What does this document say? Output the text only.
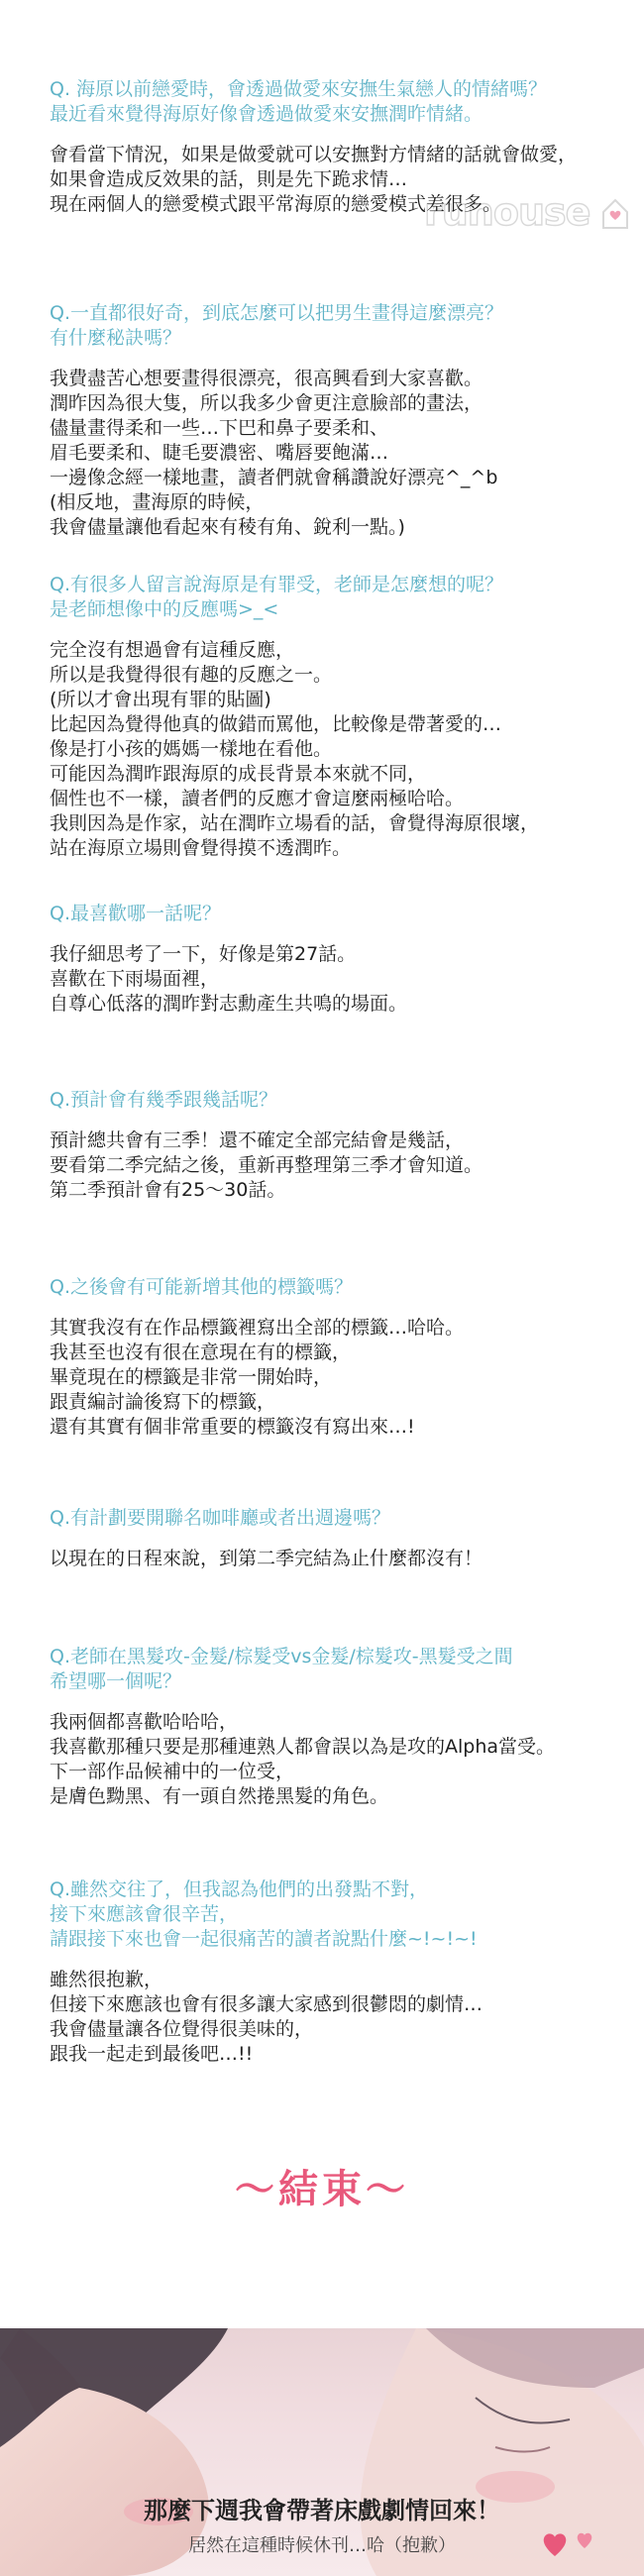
runouse
Q. 海原以前戀愛時，會透過做愛來安撫生氣戀人的情緒嗎？
最近看來覺得海原好像會透過做愛來安撫潤昨情緒。
會看當下情況，如果是做愛就可以安撫對方情緒的話就會做愛，
如果會造成反效果的話，則是先下跪求情…
現在兩個人的戀愛模式跟平常海原的戀愛模式差很多。
Q.一直都很好奇，到底怎麼可以把男生畫得這麼漂亮？
有什麼秘訣嗎？
我費盡苦心想要畫得很漂亮，很高興看到大家喜歡。
潤昨因為很大隻，所以我多少會更注意臉部的畫法，
儘量畫得柔和一些…下巴和鼻子要柔和、
眉毛要柔和、睫毛要濃密、嘴唇要飽滿…
一邊像念經一樣地畫，讀者們就會稱讚說好漂亮^_^b
(相反地，畫海原的時候，
我會儘量讓他看起來有稜有角、銳利一點。)
Q.有很多人留言說海原是有罪受，老師是怎麼想的呢？
是老師想像中的反應嗎>_<
完全沒有想過會有這種反應，
所以是我覺得很有趣的反應之一。
(所以才會出現有罪的貼圖)
比起因為覺得他真的做錯而罵他，比較像是帶著愛的…
像是打小孩的媽媽一樣地在看他。
可能因為潤昨跟海原的成長背景本來就不同，
個性也不一樣，讀者們的反應才會這麼兩極哈哈。
我則因為是作家，站在潤昨立場看的話，會覺得海原很壞，
站在海原立場則會覺得摸不透潤昨。
Q.最喜歡哪一話呢？
我仔細思考了一下，好像是第27話。
喜歡在下雨場面裡，
自尊心低落的潤昨對志勳產生共鳴的場面。
Q.預計會有幾季跟幾話呢？
預計總共會有三季！還不確定全部完結會是幾話，
要看第二季完結之後，重新再整理第三季才會知道。
第二季預計會有25〜30話。
Q.之後會有可能新增其他的標籤嗎？
其實我沒有在作品標籤裡寫出全部的標籤…哈哈。
我甚至也沒有很在意現在有的標籤，
畢竟現在的標籤是非常一開始時，
跟責編討論後寫下的標籤，
還有其實有個非常重要的標籤沒有寫出來…!
Q.有計劃要開聯名咖啡廳或者出週邊嗎？
以現在的日程來說，到第二季完結為止什麼都沒有！
Q.老師在黑髮攻-金髮/棕髮受vs金髮/棕髮攻-黑髮受之間
希望哪一個呢？
我兩個都喜歡哈哈哈，
我喜歡那種只要是那種連熟人都會誤以為是攻的Alpha當受。
下一部作品候補中的一位受，
是膚色黝黑、有一頭自然捲黑髮的角色。
Q.雖然交往了，但我認為他們的出發點不對，
接下來應該會很辛苦，
請跟接下來也會一起很痛苦的讀者說點什麼~!~!~!
雖然很抱歉，
但接下來應該也會有很多讓大家感到很鬱悶的劇情…
我會儘量讓各位覺得很美味的，
跟我一起走到最後吧…!!
〜結束〜
那麼下週我會帶著床戲劇情回來！
居然在這種時候休刊…哈（抱歉）
